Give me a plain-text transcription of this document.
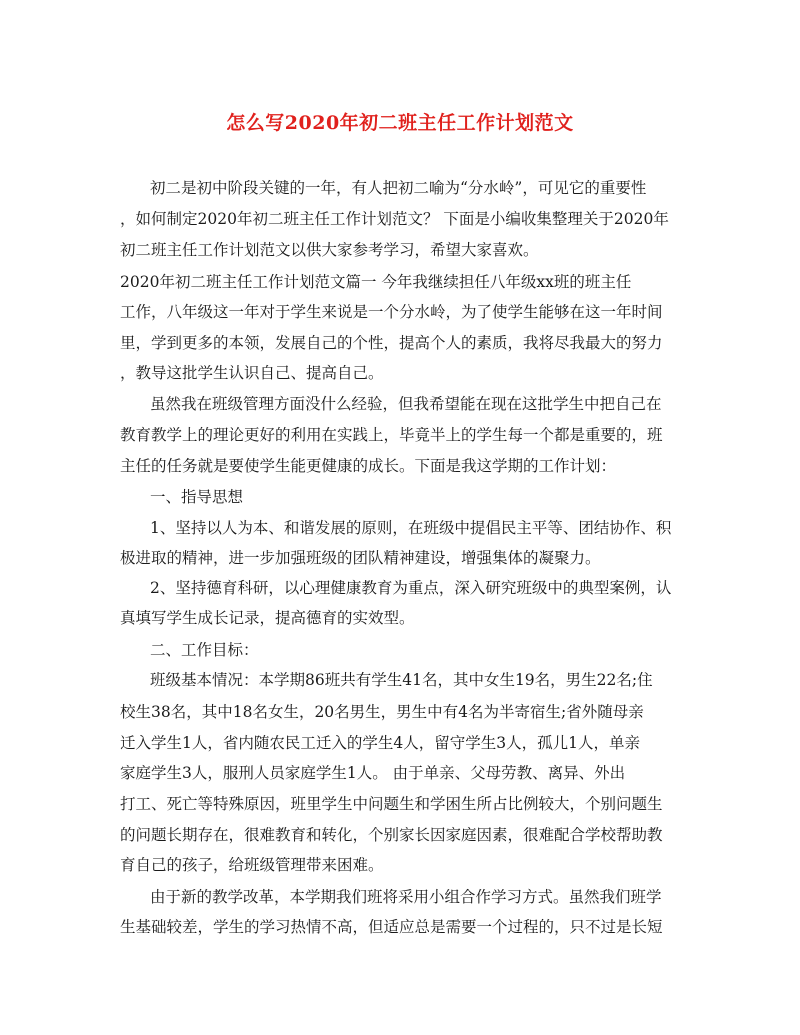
怎么写2020年初二班主任工作计划范文
初二是初中阶段关键的一年，有人把初二喻为“分水岭”，可见它的重要性
，如何制定2020年初二班主任工作计划范文？ 下面是小编收集整理关于2020年
初二班主任工作计划范文以供大家参考学习，希望大家喜欢。
2020年初二班主任工作计划范文篇一 今年我继续担任八年级xx班的班主任
工作，八年级这一年对于学生来说是一个分水岭，为了使学生能够在这一年时间
里，学到更多的本领，发展自己的个性，提高个人的素质，我将尽我最大的努力
，教导这批学生认识自己、提高自己。
虽然我在班级管理方面没什么经验，但我希望能在现在这批学生中把自己在
教育教学上的理论更好的利用在实践上，毕竟半上的学生每一个都是重要的，班
主任的任务就是要使学生能更健康的成长。下面是我这学期的工作计划：
一、指导思想
1、坚持以人为本、和谐发展的原则，在班级中提倡民主平等、团结协作、积
极进取的精神，进一步加强班级的团队精神建设，增强集体的凝聚力。
2、坚持德育科研，以心理健康教育为重点，深入研究班级中的典型案例，认
真填写学生成长记录，提高德育的实效型。
二、工作目标：
班级基本情况：本学期86班共有学生41名，其中女生19名，男生22名;住
校生38名，其中18名女生，20名男生，男生中有4名为半寄宿生;省外随母亲
迁入学生1人，省内随农民工迁入的学生4人，留守学生3人，孤儿1人，单亲
家庭学生3人，服刑人员家庭学生1人。 由于单亲、父母劳教、离异、外出
打工、死亡等特殊原因，班里学生中问题生和学困生所占比例较大，个别问题生
的问题长期存在，很难教育和转化，个别家长因家庭因素，很难配合学校帮助教
育自己的孩子，给班级管理带来困难。
由于新的教学改革，本学期我们班将采用小组合作学习方式。虽然我们班学
生基础较差，学生的学习热情不高，但适应总是需要一个过程的，只不过是长短
